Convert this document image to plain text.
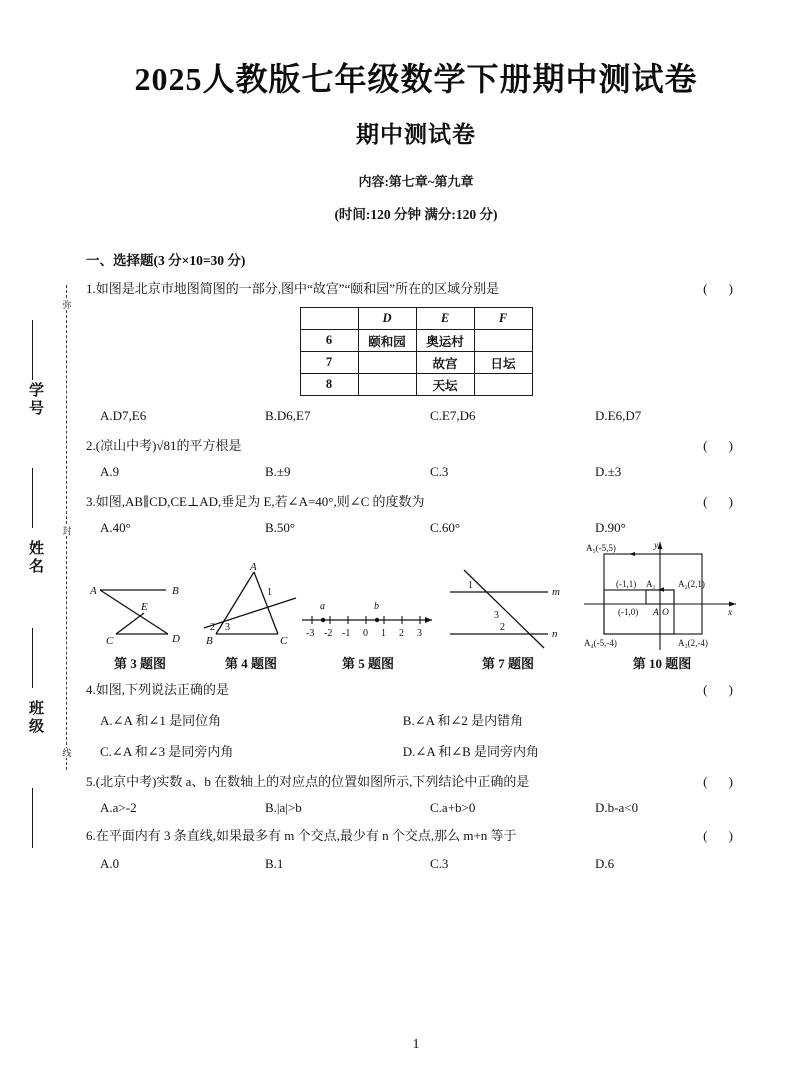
弥
封
线
学号
姓名
班级
2025人教版七年级数学下册期中测试卷
期中测试卷
内容:第七章~第九章
(时间:120 分钟 满分:120 分)
一、选择题(3 分×10=30 分)
1.如图是北京市地图简图的一部分,图中“故宫”“颐和园”所在的区域分别是	( )
	D	E	F
6	颐和园	奥运村	
7		故宫	日坛
8		天坛	
A.D7,E6	B.D6,E7	C.E7,D6	D.E6,D7
2.(凉山中考)√81的平方根是	( )
A.9	B.±9	C.3	D.±3
3.如图,AB∥CD,CE⊥AD,垂足为 E,若∠A=40°,则∠C 的度数为	( )
A.40°	B.50°	C.60°	D.90°
A	B
C	D
E
第 3 题图
A
B	C
1
2 3
第 4 题图
a	b
-3 -2 -1 0 1 2 3
第 5 题图
m
n
1
2
3
第 7 题图
y
x
O
A
(-1,0)
(-1,1) A₁ A₂(2,1)
A₅(-5,5)
A₃(2,-4)
A₄(-5,-4)
第 10 题图
4.如图,下列说法正确的是	( )
A.∠A 和∠1 是同位角	B.∠A 和∠2 是内错角
C.∠A 和∠3 是同旁内角	D.∠A 和∠B 是同旁内角
5.(北京中考)实数 a、b 在数轴上的对应点的位置如图所示,下列结论中正确的是	( )
A.a>-2	B.|a|>b	C.a+b>0	D.b-a<0
6.在平面内有 3 条直线,如果最多有 m 个交点,最少有 n 个交点,那么 m+n 等于	( )
A.0	B.1	C.3	D.6
1
